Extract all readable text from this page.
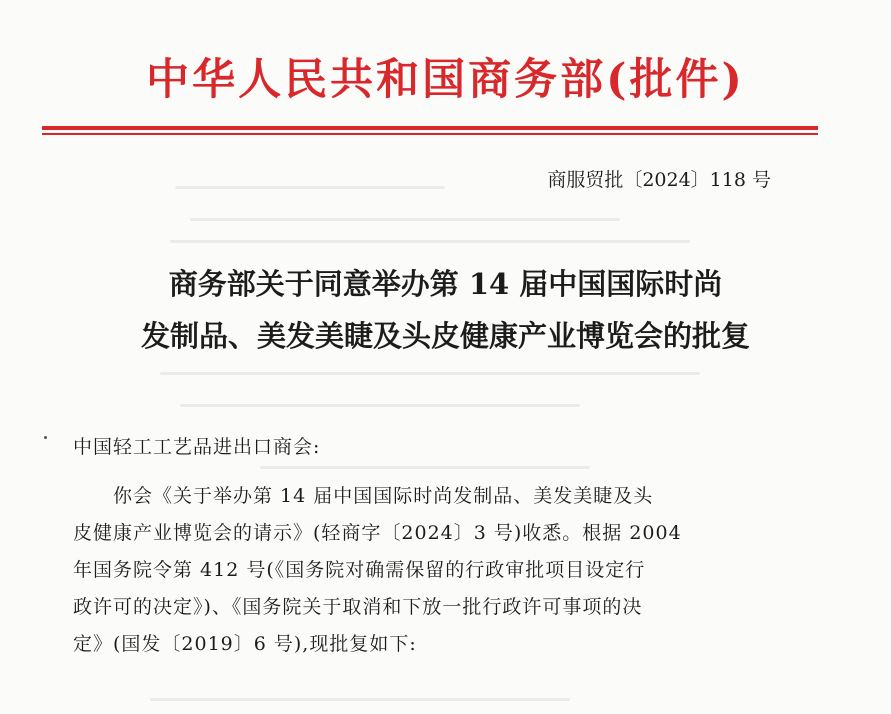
中华人民共和国商务部(批件)
商服贸批〔2024〕118 号
商务部关于同意举办第 14 届中国国际时尚
发制品、美发美睫及头皮健康产业博览会的批复
中国轻工工艺品进出口商会:
　　你会《关于举办第 14 届中国国际时尚发制品、美发美睫及头
皮健康产业博览会的请示》(轻商字〔2024〕3 号)收悉。根据 2004
年国务院令第 412 号(《国务院对确需保留的行政审批项目设定行
政许可的决定》)、《国务院关于取消和下放一批行政许可事项的决
定》(国发〔2019〕6 号),现批复如下:
